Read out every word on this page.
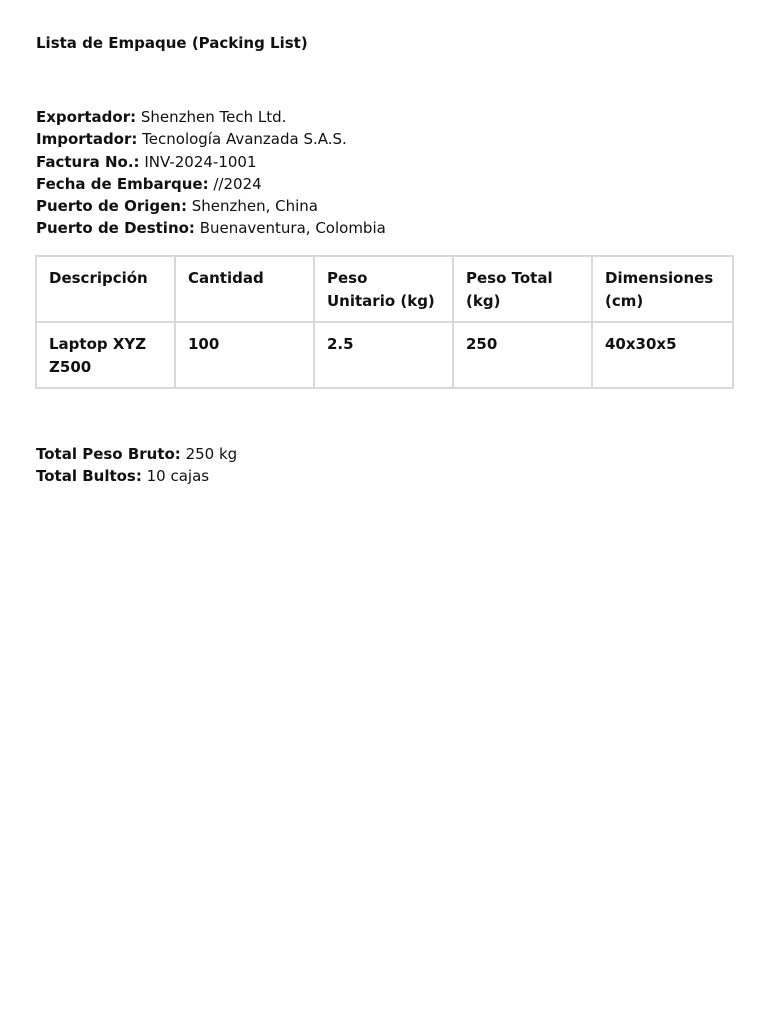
Lista de Empaque (Packing List)

Exportador: Shenzhen Tech Ltd.
Importador: Tecnología Avanzada S.A.S.
Factura No.: INV-2024-1001
Fecha de Embarque: //2024
Puerto de Origen: Shenzhen, China
Puerto de Destino: Buenaventura, Colombia
Descripción	Cantidad	Peso Unitario (kg)	Peso Total (kg)	Dimensiones (cm)
Laptop XYZ Z500	100	2.5	250	40x30x5
Total Peso Bruto: 250 kg
Total Bultos: 10 cajas
